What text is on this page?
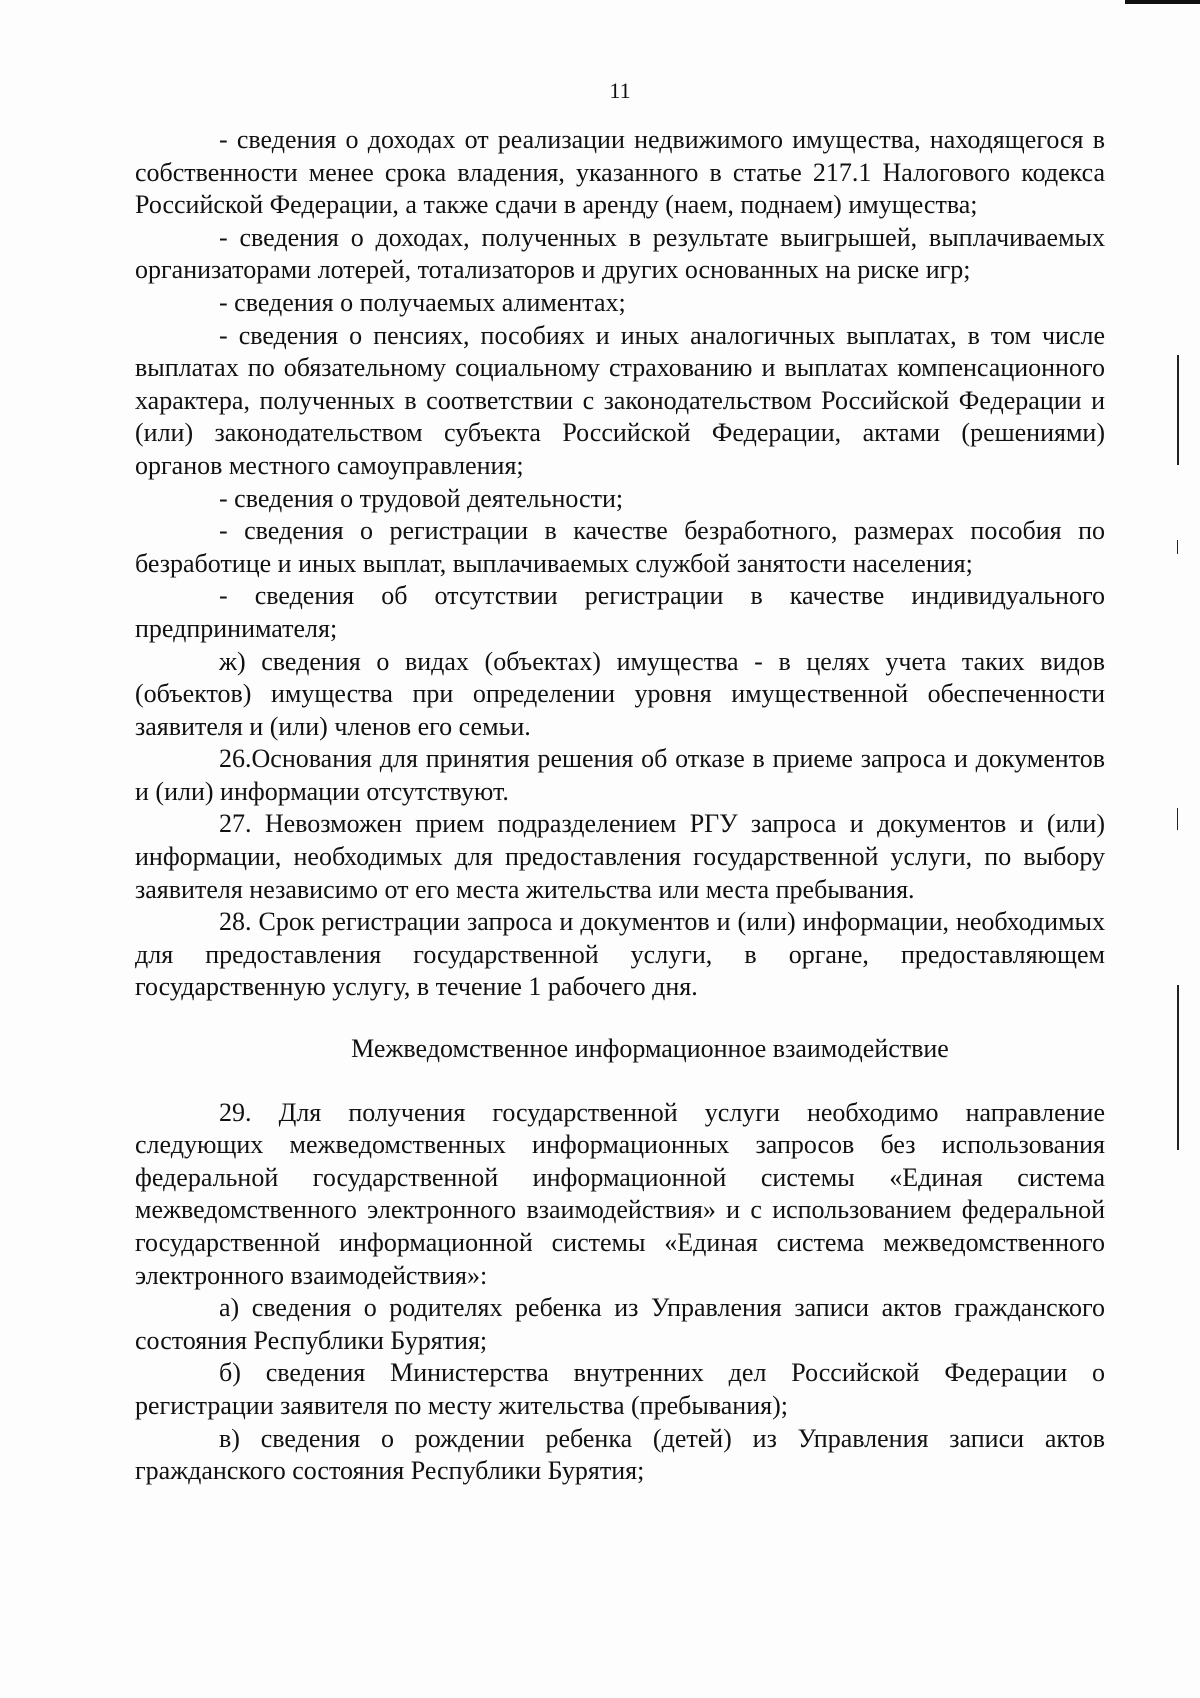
11

- сведения о доходах от реализации недвижимого имущества, находящегося в собственности менее срока владения, указанного в статье 217.1 Налогового кодекса Российской Федерации, а также сдачи в аренду (наем, поднаем) имущества;

- сведения о доходах, полученных в результате выигрышей, выплачиваемых организаторами лотерей, тотализаторов и других основанных на риске игр;

- сведения о получаемых алиментах;

- сведения о пенсиях, пособиях и иных аналогичных выплатах, в том числе выплатах по обязательному социальному страхованию и выплатах компенсационного характера, полученных в соответствии с законодательством Российской Федерации и (или) законодательством субъекта Российской Федерации, актами (решениями) органов местного самоуправления;

- сведения о трудовой деятельности;

- сведения о регистрации в качестве безработного, размерах пособия по безработице и иных выплат, выплачиваемых службой занятости населения;

- сведения об отсутствии регистрации в качестве индивидуального предпринимателя;

ж) сведения о видах (объектах) имущества - в целях учета таких видов (объектов) имущества при определении уровня имущественной обеспеченности заявителя и (или) членов его семьи.

26.Основания для принятия решения об отказе в приеме запроса и документов и (или) информации отсутствуют.

27. Невозможен прием подразделением РГУ запроса и документов и (или) информации, необходимых для предоставления государственной услуги, по выбору заявителя независимо от его места жительства или места пребывания.

28. Срок регистрации запроса и документов и (или) информации, необходимых для предоставления государственной услуги, в органе, предоставляющем государственную услугу, в течение 1 рабочего дня.

Межведомственное информационное взаимодействие

29. Для получения государственной услуги необходимо направление следующих межведомственных информационных запросов без использования федеральной государственной информационной системы «Единая система межведомственного электронного взаимодействия» и с использованием федеральной государственной информационной системы «Единая система межведомственного электронного взаимодействия»:

а) сведения о родителях ребенка из Управления записи актов гражданского состояния Республики Бурятия;

б) сведения Министерства внутренних дел Российской Федерации о регистрации заявителя по месту жительства (пребывания);

в) сведения о рождении ребенка (детей) из Управления записи актов гражданского состояния Республики Бурятия;
